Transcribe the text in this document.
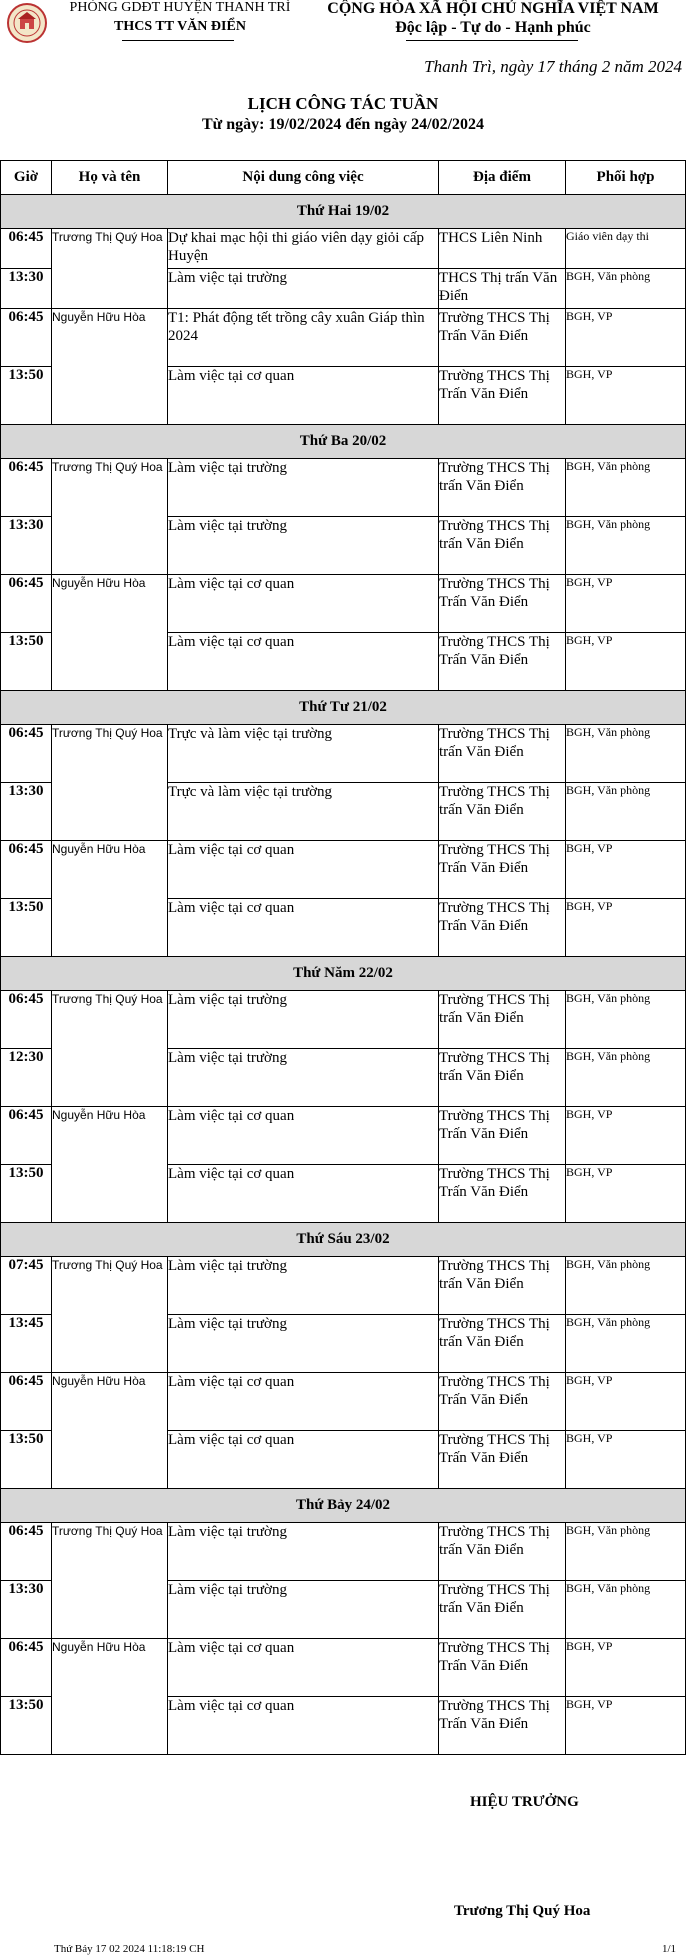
PHÒNG GDĐT HUYỆN THANH TRÌ
THCS TT VĂN ĐIỂN
CỘNG HÒA XÃ HỘI CHỦ NGHĨA VIỆT NAM
Độc lập - Tự do - Hạnh phúc
Thanh Trì, ngày 17 tháng 2 năm 2024
LỊCH CÔNG TÁC TUẦN
Từ ngày: 19/02/2024 đến ngày 24/02/2024
Giờ	Họ và tên	Nội dung công việc	Địa điểm	Phối hợp
Thứ Hai 19/02				
06:45	Trương Thị Quý Hoa	Dự khai mạc hội thi giáo viên dạy giỏi cấp Huyện	THCS Liên Ninh	Giáo viên dạy thi
13:30		Làm việc tại trường	THCS Thị trấn Văn Điển	BGH, Văn phòng
06:45	Nguyễn Hữu Hòa	T1: Phát động tết trồng cây xuân Giáp thìn 2024	Trường THCS Thị Trấn Văn Điển	BGH, VP
13:50		Làm việc tại cơ quan	Trường THCS Thị Trấn Văn Điển	BGH, VP
Thứ Ba 20/02				
06:45	Trương Thị Quý Hoa	Làm việc tại trường	Trường THCS Thị trấn Văn Điển	BGH, Văn phòng
13:30		Làm việc tại trường	Trường THCS Thị trấn Văn Điển	BGH, Văn phòng
06:45	Nguyễn Hữu Hòa	Làm việc tại cơ quan	Trường THCS Thị Trấn Văn Điển	BGH, VP
13:50		Làm việc tại cơ quan	Trường THCS Thị Trấn Văn Điển	BGH, VP
Thứ Tư 21/02				
06:45	Trương Thị Quý Hoa	Trực và làm việc tại trường	Trường THCS Thị trấn Văn Điển	BGH, Văn phòng
13:30		Trực và làm việc tại trường	Trường THCS Thị trấn Văn Điển	BGH, Văn phòng
06:45	Nguyễn Hữu Hòa	Làm việc tại cơ quan	Trường THCS Thị Trấn Văn Điển	BGH, VP
13:50		Làm việc tại cơ quan	Trường THCS Thị Trấn Văn Điển	BGH, VP
Thứ Năm 22/02				
06:45	Trương Thị Quý Hoa	Làm việc tại trường	Trường THCS Thị trấn Văn Điển	BGH, Văn phòng
12:30		Làm việc tại trường	Trường THCS Thị trấn Văn Điển	BGH, Văn phòng
06:45	Nguyễn Hữu Hòa	Làm việc tại cơ quan	Trường THCS Thị Trấn Văn Điển	BGH, VP
13:50		Làm việc tại cơ quan	Trường THCS Thị Trấn Văn Điển	BGH, VP
Thứ Sáu 23/02				
07:45	Trương Thị Quý Hoa	Làm việc tại trường	Trường THCS Thị trấn Văn Điển	BGH, Văn phòng
13:45		Làm việc tại trường	Trường THCS Thị trấn Văn Điển	BGH, Văn phòng
06:45	Nguyễn Hữu Hòa	Làm việc tại cơ quan	Trường THCS Thị Trấn Văn Điển	BGH, VP
13:50		Làm việc tại cơ quan	Trường THCS Thị Trấn Văn Điển	BGH, VP
Thứ Bảy 24/02				
06:45	Trương Thị Quý Hoa	Làm việc tại trường	Trường THCS Thị trấn Văn Điển	BGH, Văn phòng
13:30		Làm việc tại trường	Trường THCS Thị trấn Văn Điển	BGH, Văn phòng
06:45	Nguyễn Hữu Hòa	Làm việc tại cơ quan	Trường THCS Thị Trấn Văn Điển	BGH, VP
13:50		Làm việc tại cơ quan	Trường THCS Thị Trấn Văn Điển	BGH, VP
HIỆU TRƯỞNG
Trương Thị Quý Hoa
Thứ Bảy 17 02 2024 11:18:19 CH	1/1
